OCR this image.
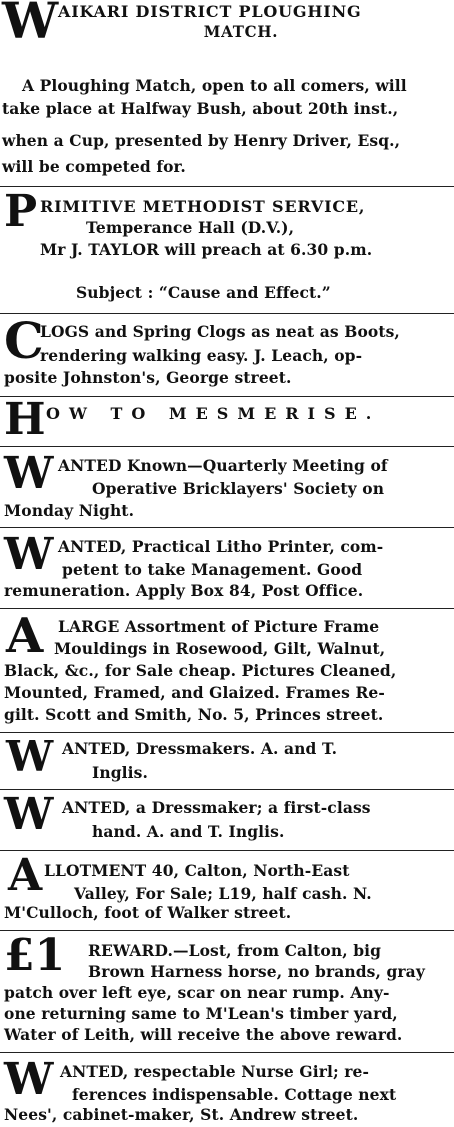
W AIKARI DISTRICT PLOUGHING
MATCH.
A Ploughing Match, open to all comers, will
take place at Halfway Bush, about 20th inst.,
when a Cup, presented by Henry Driver, Esq.,
will be competed for.
P RIMITIVE METHODIST SERVICE,
Temperance Hall (D.V.),
Mr J. TAYLOR will preach at 6.30 p.m.
Subject : “Cause and Effect.”
C
LOGS and Spring Clogs as neat as Boots,
rendering walking easy. J. Leach, op-
posite Johnston's, George street.
H OW TO MESMERISE.
W ANTED Known—Quarterly Meeting of
Operative Bricklayers' Society on
Monday Night.
W ANTED, Practical Litho Printer, com-
petent to take Management. Good
remuneration. Apply Box 84, Post Office.
A LARGE Assortment of Picture Frame
Mouldings in Rosewood, Gilt, Walnut,
Black, &c., for Sale cheap. Pictures Cleaned,
Mounted, Framed, and Glaized. Frames Re-
gilt. Scott and Smith, No. 5, Princes street.
W ANTED, Dressmakers. A. and T.
Inglis.
W ANTED, a Dressmaker; a first-class
hand. A. and T. Inglis.
A LLOTMENT 40, Calton, North-East
Valley, For Sale; L19, half cash. N.
M'Culloch, foot of Walker street.
£1 REWARD.—Lost, from Calton, big
Brown Harness horse, no brands, gray
patch over left eye, scar on near rump. Any-
one returning same to M'Lean's timber yard,
Water of Leith, will receive the above reward.
W ANTED, respectable Nurse Girl; re-
ferences indispensable. Cottage next
Nees', cabinet-maker, St. Andrew street.
